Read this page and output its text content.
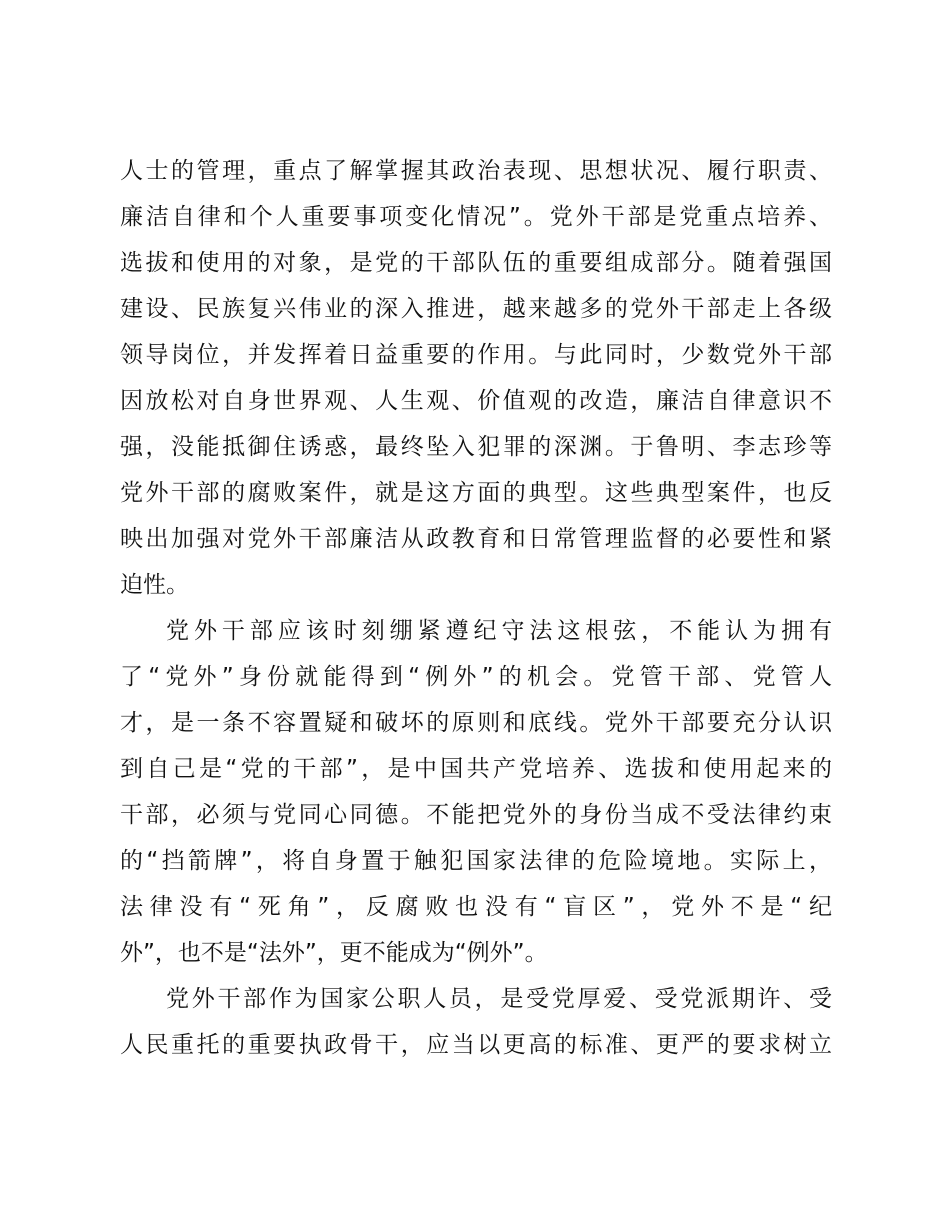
人士的管理，重点了解掌握其政治表现、思想状况、履行职责、
廉洁自律和个人重要事项变化情况”。党外干部是党重点培养、
选拔和使用的对象，是党的干部队伍的重要组成部分。随着强国
建设、民族复兴伟业的深入推进，越来越多的党外干部走上各级
领导岗位，并发挥着日益重要的作用。与此同时，少数党外干部
因放松对自身世界观、人生观、价值观的改造，廉洁自律意识不
强，没能抵御住诱惑，最终坠入犯罪的深渊。于鲁明、李志珍等
党外干部的腐败案件，就是这方面的典型。这些典型案件，也反
映出加强对党外干部廉洁从政教育和日常管理监督的必要性和紧
迫性。
党外干部应该时刻绷紧遵纪守法这根弦，不能认为拥有
了“党外”身份就能得到“例外”的机会。党管干部、党管人
才，是一条不容置疑和破坏的原则和底线。党外干部要充分认识
到自己是“党的干部”，是中国共产党培养、选拔和使用起来的
干部，必须与党同心同德。不能把党外的身份当成不受法律约束
的“挡箭牌”，将自身置于触犯国家法律的危险境地。实际上，
法律没有“死角”，反腐败也没有“盲区”，党外不是“纪
外”，也不是“法外”，更不能成为“例外”。
党外干部作为国家公职人员，是受党厚爱、受党派期许、受
人民重托的重要执政骨干，应当以更高的标准、更严的要求树立
